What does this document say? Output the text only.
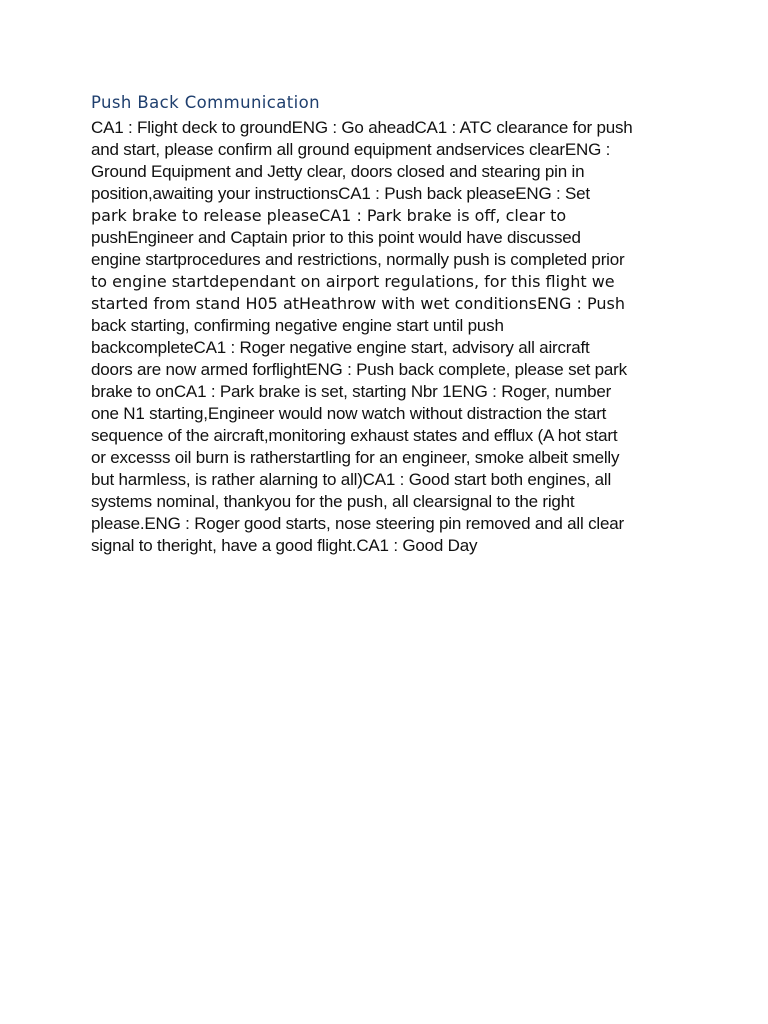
Push Back Communication
CA1 : Flight deck to groundENG : Go aheadCA1 : ATC clearance for push
and start, please confirm all ground equipment andservices clearENG :
Ground Equipment and Jetty clear, doors closed and stearing pin in
position,awaiting your instructionsCA1 : Push back pleaseENG : Set
park brake to release pleaseCA1 : Park brake is off, clear to
pushEngineer and Captain prior to this point would have discussed
engine startprocedures and restrictions, normally push is completed prior
to engine startdependant on airport regulations, for this flight we
started from stand H05 atHeathrow with wet conditionsENG : Push
back starting, confirming negative engine start until push
backcompleteCA1 : Roger negative engine start, advisory all aircraft
doors are now armed forflightENG : Push back complete, please set park
brake to onCA1 : Park brake is set, starting Nbr 1ENG : Roger, number
one N1 starting,Engineer would now watch without distraction the start
sequence of the aircraft,monitoring exhaust states and efflux (A hot start
or excesss oil burn is ratherstartling for an engineer, smoke albeit smelly
but harmless, is rather alarning to all)CA1 : Good start both engines, all
systems nominal, thankyou for the push, all clearsignal to the right
please.ENG : Roger good starts, nose steering pin removed and all clear
signal to theright, have a good flight.CA1 : Good Day
